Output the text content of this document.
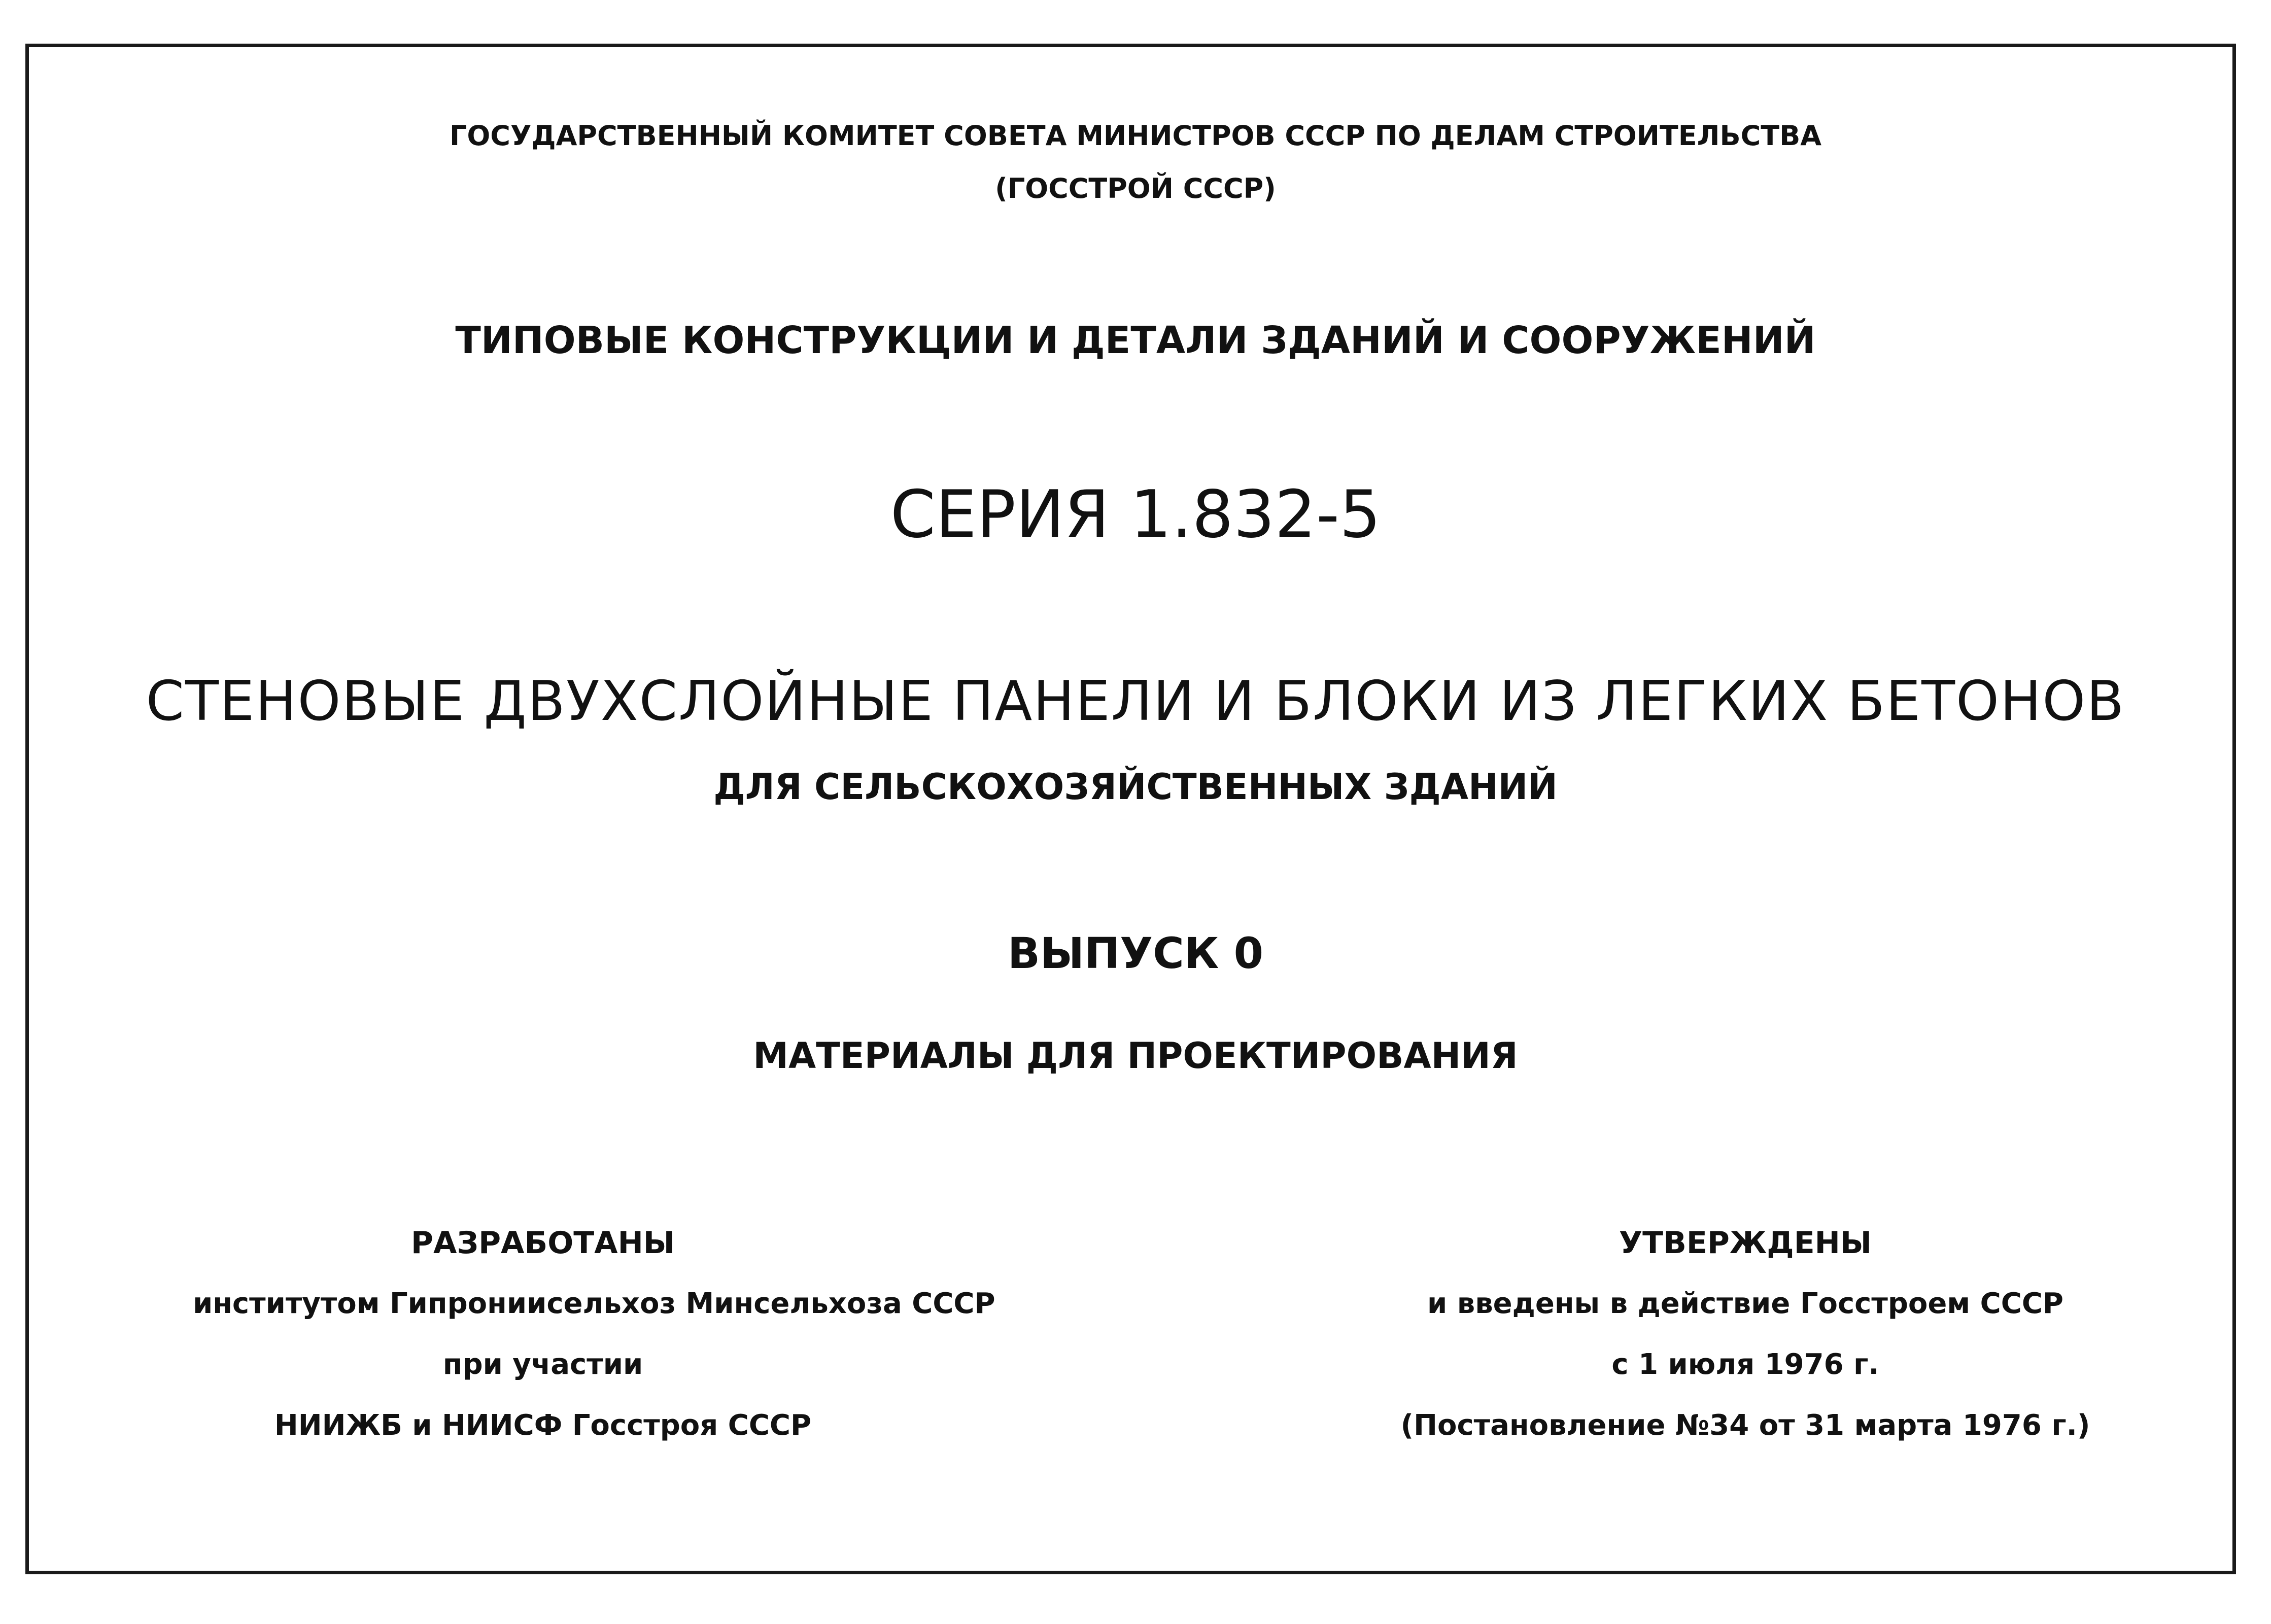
ГОСУДАРСТВЕННЫЙ КОМИТЕТ СОВЕТА МИНИСТРОВ СССР ПО ДЕЛАМ СТРОИТЕЛЬСТВА
(ГОССТРОЙ СССР)
ТИПОВЫЕ КОНСТРУКЦИИ И ДЕТАЛИ ЗДАНИЙ И СООРУЖЕНИЙ
СЕРИЯ 1.832-5
СТЕНОВЫЕ ДВУХСЛОЙНЫЕ ПАНЕЛИ И БЛОКИ ИЗ ЛЕГКИХ БЕТОНОВ
ДЛЯ СЕЛЬСКОХОЗЯЙСТВЕННЫХ ЗДАНИЙ
ВЫПУСК 0
МАТЕРИАЛЫ ДЛЯ ПРОЕКТИРОВАНИЯ
РАЗРАБОТАНЫ
институтом Гипрониисельхоз Минсельхоза СССР
при участии
НИИЖБ и НИИСФ Госстроя СССР
УТВЕРЖДЕНЫ
и введены в действие Госстроем СССР
с 1 июля 1976 г.
(Постановление №34 от 31 марта 1976 г.)
